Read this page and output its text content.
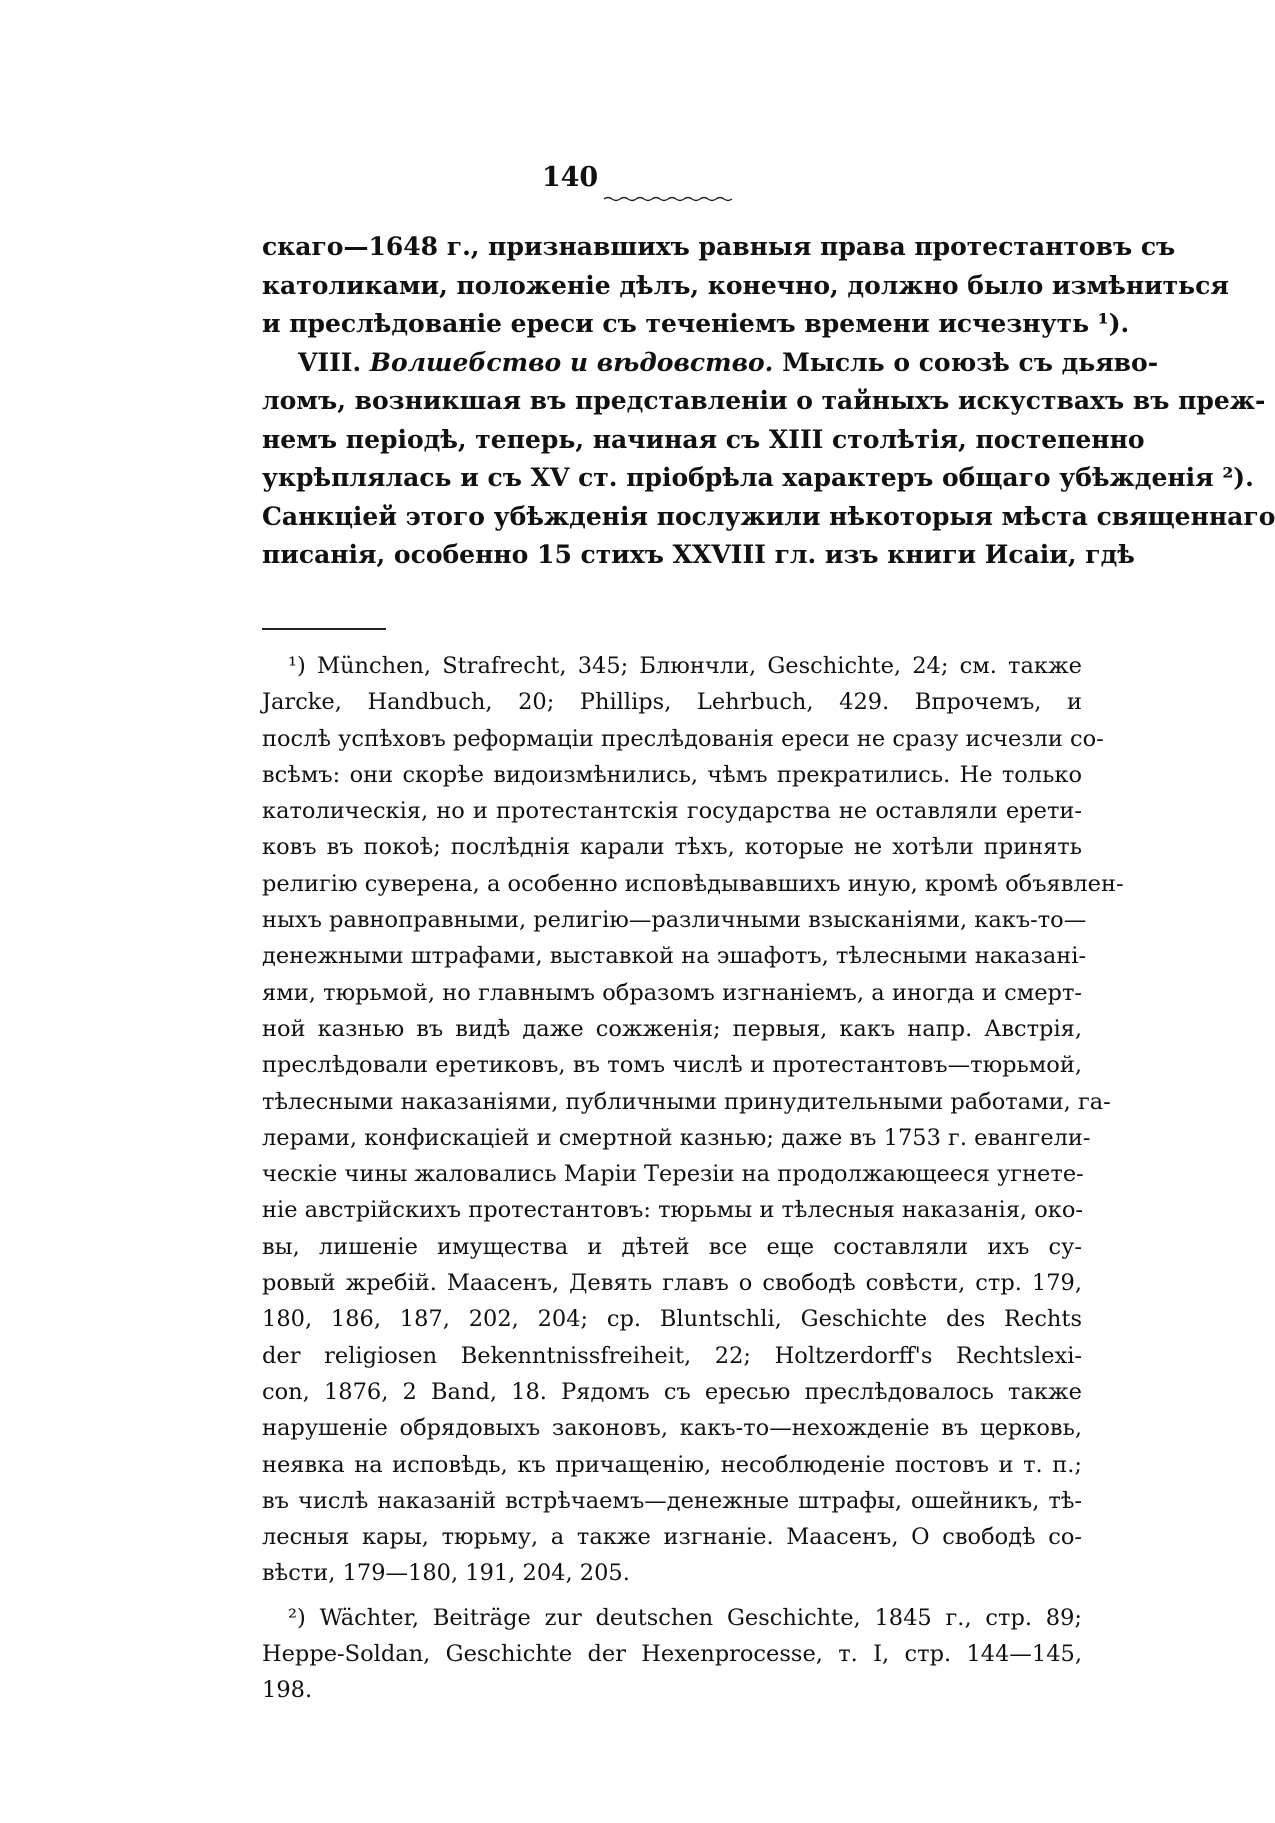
140
скаго—1648 г., признавшихъ равныя права протестантовъ съ
католиками, положеніе дѣлъ, конечно, должно было измѣниться
и преслѣдованіе ереси съ теченіемъ времени исчезнуть ¹).
VIII. Волшебство и вѣдовство. Мысль о союзѣ съ дьяво-
ломъ, возникшая въ представленіи о тайныхъ искуствахъ въ преж-
немъ періодѣ, теперь, начиная съ XIII столѣтія, постепенно
укрѣплялась и съ XV ст. пріобрѣла характеръ общаго убѣжденія ²).
Санкціей этого убѣжденія послужили нѣкоторыя мѣста священнаго
писанія, особенно 15 стихъ XXVIII гл. изъ книги Исаіи, гдѣ
¹) München, Strafrecht, 345; Блюнчли, Geschichte, 24; см. также
Jarcke, Handbuch, 20; Phillips, Lehrbuch, 429. Впрочемъ, и
послѣ успѣховъ реформаціи преслѣдованія ереси не сразу исчезли со-
всѣмъ: они скорѣе видоизмѣнились, чѣмъ прекратились. Не только
католическія, но и протестантскія государства не оставляли ерети-
ковъ въ покоѣ; послѣднія карали тѣхъ, которые не хотѣли принять
религію суверена, а особенно исповѣдывавшихъ иную, кромѣ объявлен-
ныхъ равноправными, религію—различными взысканіями, какъ-то—
денежными штрафами, выставкой на эшафотъ, тѣлесными наказані-
ями, тюрьмой, но главнымъ образомъ изгнаніемъ, а иногда и смерт-
ной казнью въ видѣ даже сожженія; первыя, какъ напр. Австрія,
преслѣдовали еретиковъ, въ томъ числѣ и протестантовъ—тюрьмой,
тѣлесными наказаніями, публичными принудительными работами, га-
лерами, конфискаціей и смертной казнью; даже въ 1753 г. евангели-
ческіе чины жаловались Маріи Терезіи на продолжающееся угнете-
ніе австрійскихъ протестантовъ: тюрьмы и тѣлесныя наказанія, око-
вы, лишеніе имущества и дѣтей все еще составляли ихъ су-
ровый жребій. Маасенъ, Девять главъ о свободѣ совѣсти, стр. 179,
180, 186, 187, 202, 204; ср. Bluntschli, Geschichte des Rechts
der religiosen Bekenntnissfreiheit, 22; Holtzerdorff's Rechtslexi-
con, 1876, 2 Band, 18. Рядомъ съ ересью преслѣдовалось также
нарушеніе обрядовыхъ законовъ, какъ-то—нехожденіе въ церковь,
неявка на исповѣдь, къ причащенію, несоблюденіе постовъ и т. п.;
въ числѣ наказаній встрѣчаемъ—денежные штрафы, ошейникъ, тѣ-
лесныя кары, тюрьму, а также изгнаніе. Маасенъ, О свободѣ со-
вѣсти, 179—180, 191, 204, 205.
²) Wächter, Beiträge zur deutschen Geschichte, 1845 г., стр. 89;
Heppe-Soldan, Geschichte der Hexenprocesse, т. I, стр. 144—145,
198.
